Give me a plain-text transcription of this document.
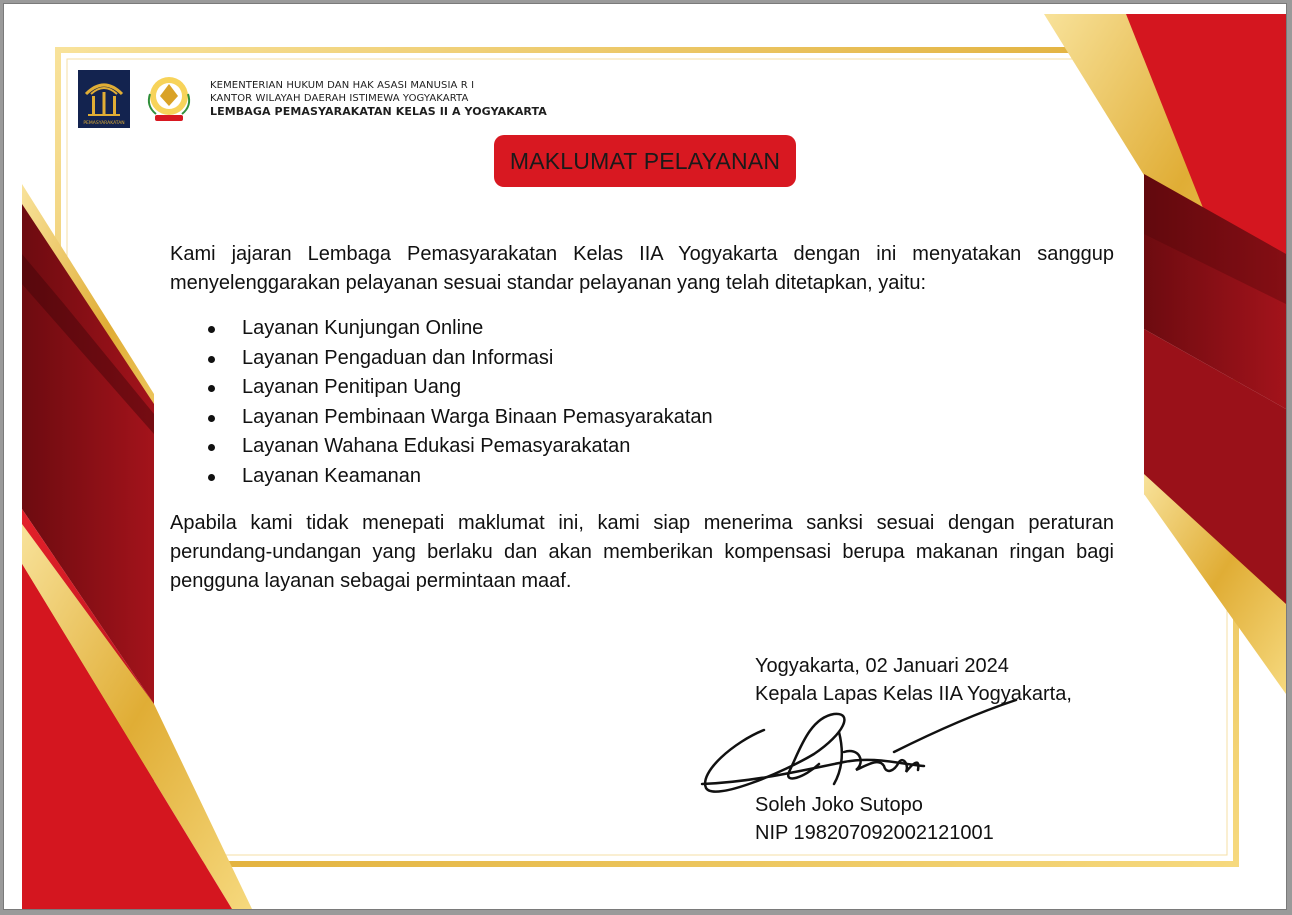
PEMASYARAKATAN
KEMENTERIAN HUKUM DAN HAK ASASI MANUSIA R I
KANTOR WILAYAH DAERAH ISTIMEWA YOGYAKARTA
LEMBAGA PEMASYARAKATAN KELAS II A YOGYAKARTA
MAKLUMAT PELAYANAN

Kami jajaran Lembaga Pemasyarakatan Kelas IIA Yogyakarta dengan ini menyatakan sanggup menyelenggarakan pelayanan sesuai standar pelayanan yang telah ditetapkan, yaitu:

Layanan Kunjungan Online
Layanan Pengaduan dan Informasi
Layanan Penitipan Uang
Layanan Pembinaan Warga Binaan Pemasyarakatan
Layanan Wahana Edukasi Pemasyarakatan
Layanan Keamanan

Apabila kami tidak menepati maklumat ini, kami siap menerima sanksi sesuai dengan peraturan perundang-undangan yang berlaku dan akan memberikan kompensasi berupa makanan ringan bagi pengguna layanan sebagai permintaan maaf.

Yogyakarta, 02 Januari 2024
Kepala Lapas Kelas IIA Yogyakarta,
Soleh Joko Sutopo
NIP 198207092002121001
